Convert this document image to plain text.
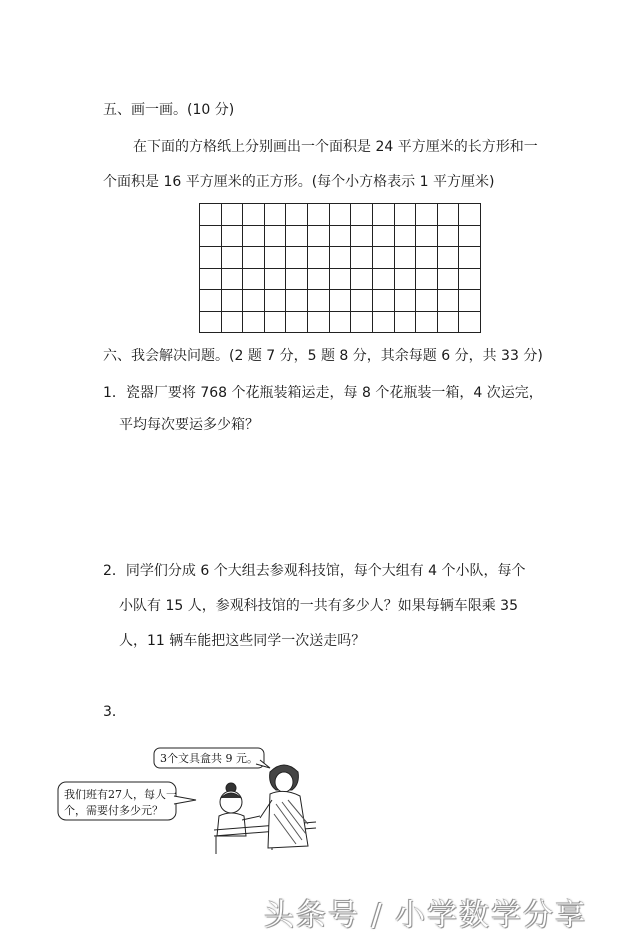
五、画一画。(10 分)
在下面的方格纸上分别画出一个面积是 24 平方厘米的长方形和一
个面积是 16 平方厘米的正方形。(每个小方格表示 1 平方厘米)
六、我会解决问题。(2 题 7 分，5 题 8 分，其余每题 6 分，共 33 分)
1．瓷器厂要将 768 个花瓶装箱运走，每 8 个花瓶装一箱，4 次运完，
平均每次要运多少箱？
2．同学们分成 6 个大组去参观科技馆，每个大组有 4 个小队，每个
小队有 15 人，参观科技馆的一共有多少人？如果每辆车限乘 35
人，11 辆车能把这些同学一次送走吗？
3．
3个文具盒共 9 元。
我们班有27人，每人一
个，需要付多少元？
头条号 / 小学数学分享
